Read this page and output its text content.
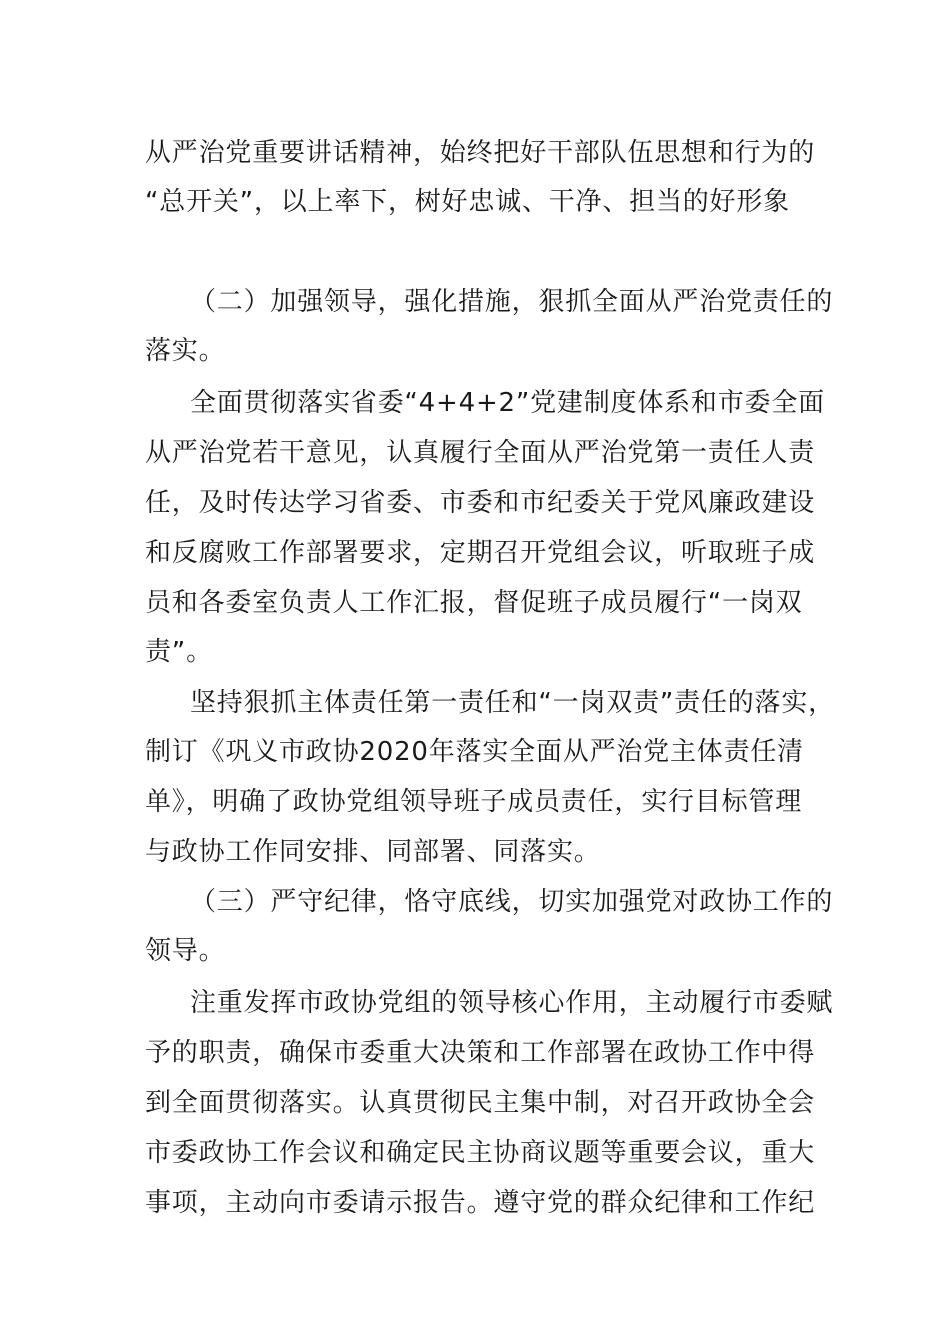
从严治党重要讲话精神，始终把好干部队伍思想和行为的
“总开关”，以上率下，树好忠诚、干净、担当的好形象
（二）加强领导，强化措施，狠抓全面从严治党责任的
落实。
全面贯彻落实省委“4+4+2”党建制度体系和市委全面
从严治党若干意见，认真履行全面从严治党第一责任人责
任，及时传达学习省委、市委和市纪委关于党风廉政建设
和反腐败工作部署要求，定期召开党组会议，听取班子成
员和各委室负责人工作汇报，督促班子成员履行“一岗双
责”。
坚持狠抓主体责任第一责任和“一岗双责”责任的落实，
制订《巩义市政协2020年落实全面从严治党主体责任清
单》，明确了政协党组领导班子成员责任，实行目标管理
与政协工作同安排、同部署、同落实。
（三）严守纪律，恪守底线，切实加强党对政协工作的
领导。
注重发挥市政协党组的领导核心作用，主动履行市委赋
予的职责，确保市委重大决策和工作部署在政协工作中得
到全面贯彻落实。认真贯彻民主集中制，对召开政协全会
市委政协工作会议和确定民主协商议题等重要会议，重大
事项，主动向市委请示报告。遵守党的群众纪律和工作纪
